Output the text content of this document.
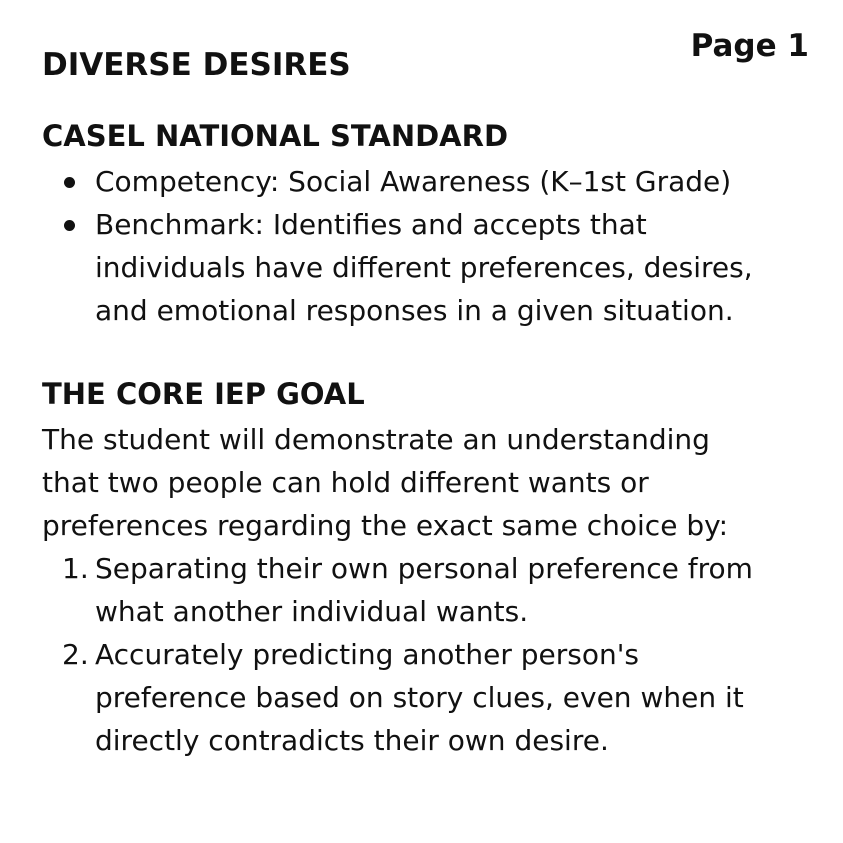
Page 1
DIVERSE DESIRES
CASEL NATIONAL STANDARD
Competency: Social Awareness (K–1st Grade)
Benchmark: Identifies and accepts that
individuals have different preferences, desires,
and emotional responses in a given situation.
THE CORE IEP GOAL

The student will demonstrate an understanding
that two people can hold different wants or
preferences regarding the exact same choice by:

1. Separating their own personal preference from
what another individual wants.
2. Accurately predicting another person's
preference based on story clues, even when it
directly contradicts their own desire.
